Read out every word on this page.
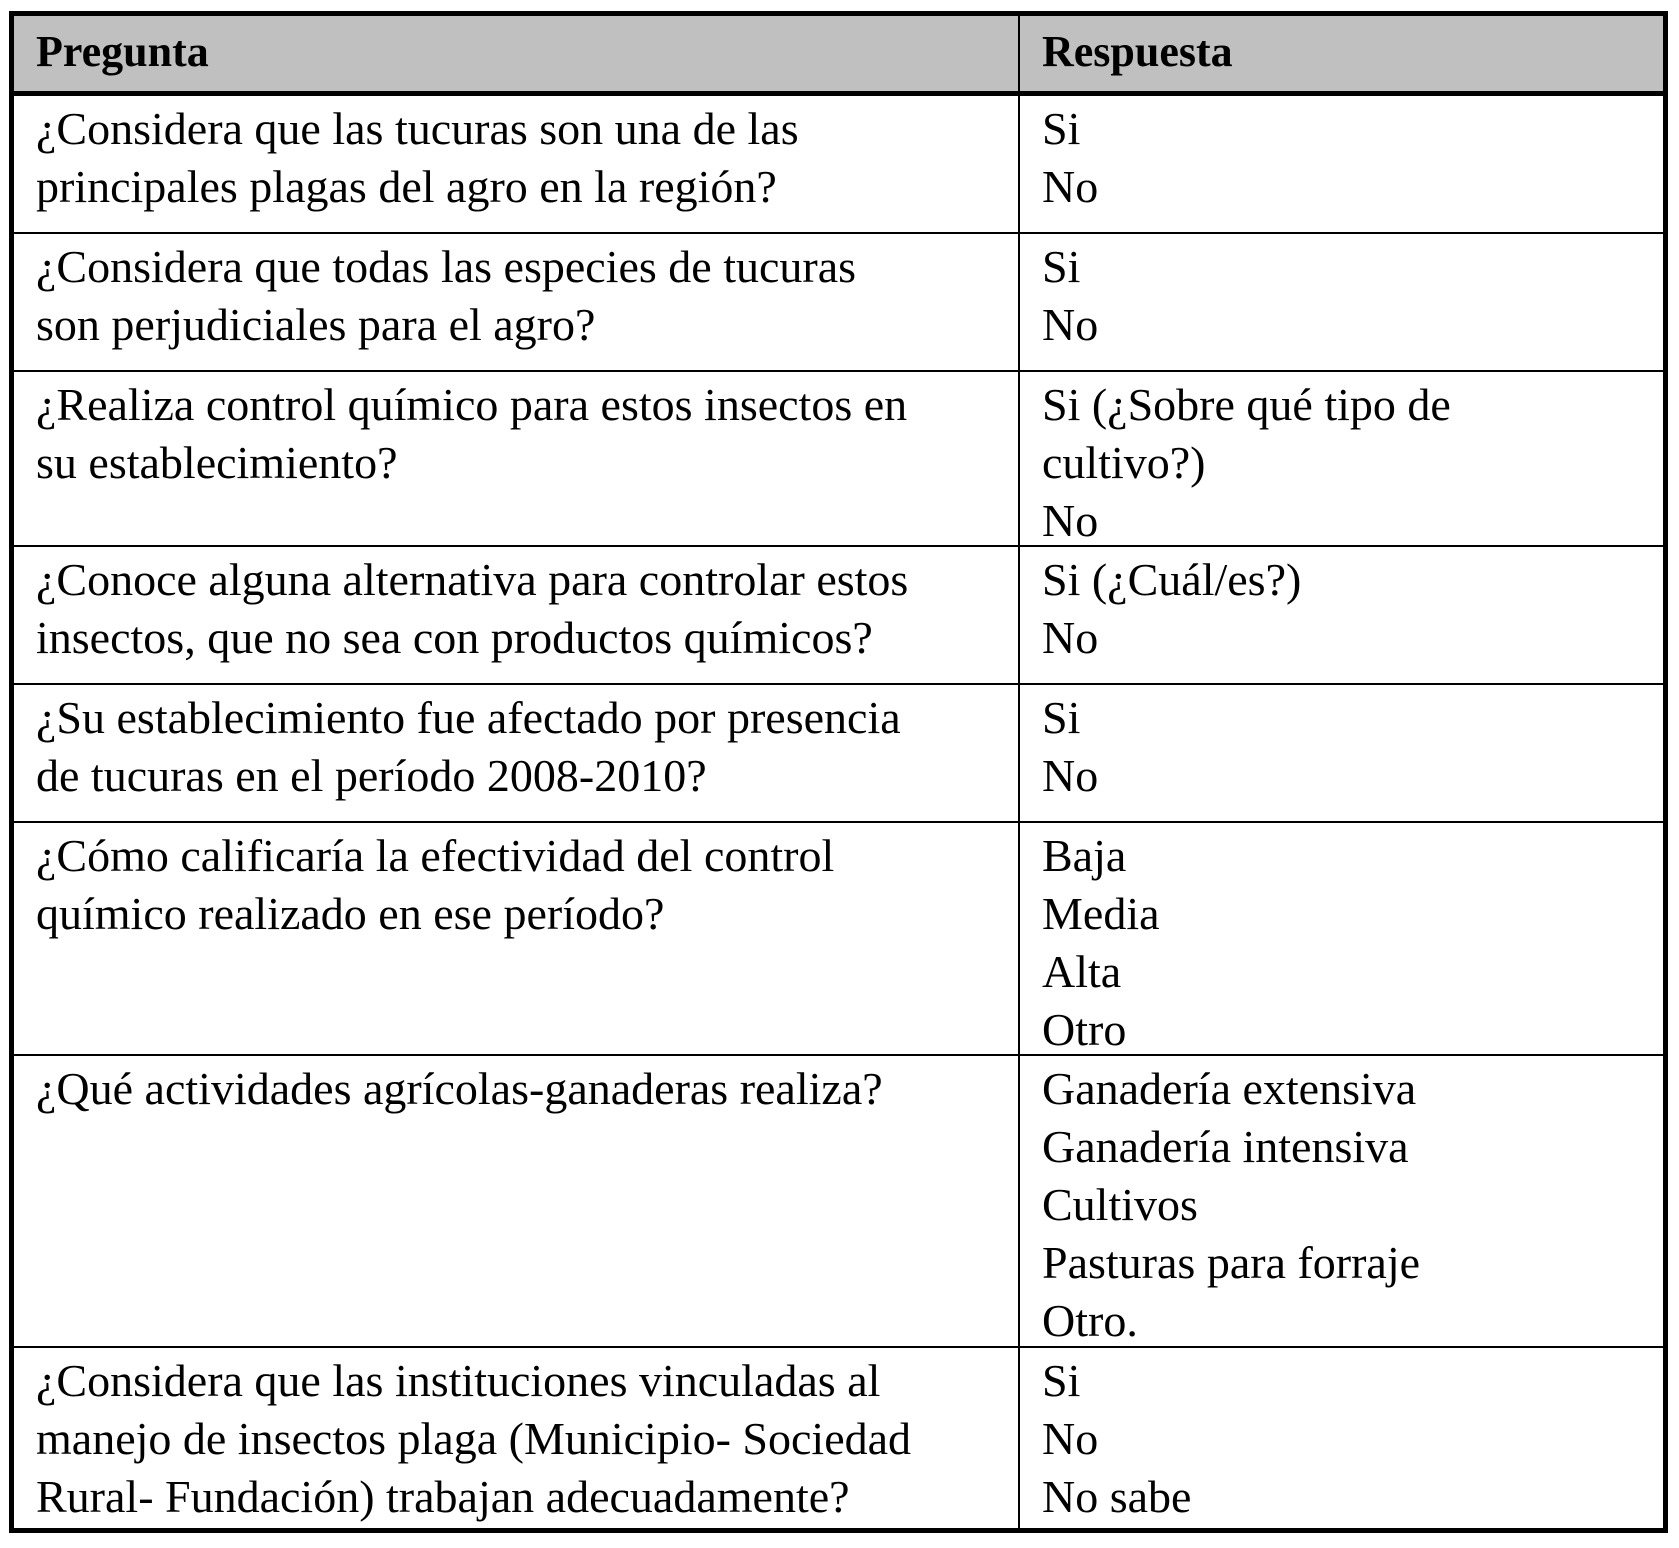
Pregunta	Respuesta
¿Considera que las tucuras son una de las
principales plagas del agro en la región?
Si
No
¿Considera que todas las especies de tucuras
son perjudiciales para el agro?
Si
No
¿Realiza control químico para estos insectos en
su establecimiento?
Si (¿Sobre qué tipo de
cultivo?)
No
¿Conoce alguna alternativa para controlar estos
insectos, que no sea con productos químicos?
Si (¿Cuál/es?)
No
¿Su establecimiento fue afectado por presencia
de tucuras en el período 2008-2010?
Si
No
¿Cómo calificaría la efectividad del control
químico realizado en ese período?
Baja
Media
Alta
Otro
¿Qué actividades agrícolas-ganaderas realiza?	Ganadería extensiva
Ganadería intensiva
Cultivos
Pasturas para forraje
Otro.
¿Considera que las instituciones vinculadas al
manejo de insectos plaga (Municipio- Sociedad
Rural- Fundación) trabajan adecuadamente?
Si
No
No sabe
